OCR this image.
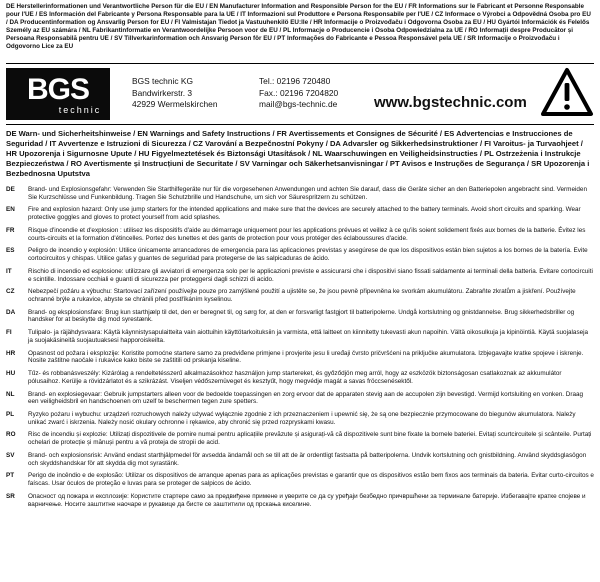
DE Herstellerinformationen und Verantwortliche Person für die EU / EN Manufacturer Information and Responsible Person for the EU / FR Informations sur le Fabricant et Personne Responsable pour l'UE / ES Información del Fabricante y Persona Responsable para la UE / IT Informazioni sul Produttore e Persona Responsabile per l'UE / CZ Informace o Výrobci a Odpovědná Osoba pro EU / DA Producentinformation og Ansvarlig Person for EU / FI Valmistajan Tiedot ja Vastuuhenkilö EU:lle / HR Informacije o Proizvođaču i Odgovorna Osoba za EU / HU Gyártói Információk és Felelős Személy az EU számára / NL Fabrikantinformatie en Verantwoordelijke Persoon voor de EU / PL Informacje o Producencie i Osoba Odpowiedzialna za UE / RO Informații despre Producător și Persoana Responsabilă pentru UE / SV Tillverkarinformation och Ansvarig Person för EU / PT Informações do Fabricante e Pessoa Responsável pela UE / SR Informacije o Proizvođaču i Odgovorno Lice za EU

BGS
technic
BGS technic KG
Bandwirkerstr. 3
42929 Wermelskirchen
Tel.: 02196 720480
Fax.: 02196 7204820
mail@bgs-technic.de www.bgstechnic.com

DE Warn- und Sicherheitshinweise / EN Warnings and Safety Instructions / FR Avertissements et Consignes de Sécurité / ES Advertencias e Instrucciones de Seguridad / IT Avvertenze e Istruzioni di Sicurezza / CZ Varování a Bezpečnostní Pokyny / DA Advarsler og Sikkerhedsinstruktioner / FI Varoitus- ja Turvaohjeet / HR Upozorenja i Sigurnosne Upute / HU Figyelmeztetések és Biztonsági Utasítások / NL Waarschuwingen en Veiligheidsinstructies / PL Ostrzeżenia i Instrukcje Bezpieczeństwa / RO Avertismente și Instrucțiuni de Securitate / SV Varningar och Säkerhetsanvisningar / PT Avisos e Instruções de Segurança / SR Upozorenja i Bezbednosna Uputstva

DE	Brand- und Explosionsgefahr: Verwenden Sie Starthilfegeräte nur für die vorgesehenen Anwendungen und achten Sie darauf, dass die Geräte sicher an den Batteriepolen angebracht sind. Vermeiden Sie Kurzschlüsse und Funkenbildung. Tragen Sie Schutzbrille und Handschuhe, um sich vor Säurespritzern zu schützen.
EN	Fire and explosion hazard: Only use jump starters for the intended applications and make sure that the devices are securely attached to the battery terminals. Avoid short circuits and sparking. Wear protective goggles and gloves to protect yourself from acid splashes.
FR	Risque d'incendie et d'explosion : utilisez les dispositifs d'aide au démarrage uniquement pour les applications prévues et veillez à ce qu'ils soient solidement fixés aux bornes de la batterie. Évitez les courts-circuits et la formation d'étincelles. Portez des lunettes et des gants de protection pour vous protéger des éclaboussures d'acide.
ES	Peligro de incendio y explosión: Utilice únicamente arrancadores de emergencia para las aplicaciones previstas y asegúrese de que los dispositivos están bien sujetos a los bornes de la batería. Evite cortocircuitos y chispas. Utilice gafas y guantes de seguridad para protegerse de las salpicaduras de ácido.
IT	Rischio di incendio ed esplosione: utilizzare gli avviatori di emergenza solo per le applicazioni previste e assicurarsi che i dispositivi siano fissati saldamente ai terminali della batteria. Evitare cortocircuiti e scintille. Indossare occhiali e guanti di sicurezza per proteggersi dagli schizzi di acido.
CZ	Nebezpečí požáru a výbuchu: Startovací zařízení používejte pouze pro zamýšlené použití a ujistěte se, že jsou pevně připevněna ke svorkám akumulátoru. Zabraňte zkratům a jiskření. Používejte ochranné brýle a rukavice, abyste se chránili před postříkáním kyselinou.
DA	Brand- og eksplosionsfare: Brug kun starthjælp til det, den er beregnet til, og sørg for, at den er forsvarligt fastgjort til batteripolerne. Undgå kortslutning og gnistdannelse. Brug sikkerhedsbriller og handsker for at beskytte dig mod syrestænk.
FI	Tulipalo- ja räjähdysvaara: Käytä käynnistysapulaitteita vain aiottuihin käyttötarkoituksiin ja varmista, että laitteet on kiinnitetty tukevasti akun napoihin. Vältä oikosulkuja ja kipinöintiä. Käytä suojalaseja ja suojakäsineitä suojautuaksesi happoroiskeilta.
HR	Opasnost od požara i eksplozije: Koristite pomoćne startere samo za predviđene primjene i provjerite jesu li uređaji čvrsto pričvršćeni na priključke akumulatora. Izbjegavajte kratke spojeve i iskrenje. Nosite zaštitne naočale i rukavice kako biste se zaštitili od prskanja kiseline.
HU	Tűz- és robbanásveszély: Kizárólag a rendeltetésszerű alkalmazásokhoz használjon jump startereket, és győződjön meg arról, hogy az eszközök biztonságosan csatlakoznak az akkumulátor pólusaihoz. Kerülje a rövidzárlatot és a szikrázást. Viseljen védőszemüveget és kesztyűt, hogy megvédje magát a savas fröccsenésektől.
NL	Brand- en explosiegevaar: Gebruik jumpstarters alleen voor de bedoelde toepassingen en zorg ervoor dat de apparaten stevig aan de accupolen zijn bevestigd. Vermijd kortsluiting en vonken. Draag een veiligheidsbril en handschoenen om uzelf te beschermen tegen zure spetters.
PL	Ryzyko pożaru i wybuchu: urządzeń rozruchowych należy używać wyłącznie zgodnie z ich przeznaczeniem i upewnić się, że są one bezpiecznie przymocowane do biegunów akumulatora. Należy unikać zwarć i iskrzenia. Należy nosić okulary ochronne i rękawice, aby chronić się przed rozpryskami kwasu.
RO	Risc de incendiu și explozie: Utilizați dispozitivele de pornire numai pentru aplicațiile prevăzute și asigurați-vă că dispozitivele sunt bine fixate la bornele bateriei. Evitați scurtcircuitele și scânteile. Purtați ochelari de protecție și mănuși pentru a vă proteja de stropii de acid.
SV	Brand- och explosionsrisk: Använd endast starthjälpmedel för avsedda ändamål och se till att de är ordentligt fastsatta på batteripolerna. Undvik kortslutning och gnistbildning. Använd skyddsglasögon och skyddshandskar för att skydda dig mot syrastänk.
PT	Perigo de incêndio e de explosão: Utilizar os dispositivos de arranque apenas para as aplicações previstas e garantir que os dispositivos estão bem fixos aos terminais da bateria. Evitar curto-circuitos e faíscas. Usar óculos de proteção e luvas para se proteger de salpicos de ácido.
SR	Опасност од пожара и експлозије: Користите стартере само за предвиђене примене и уверите се да су уређаји безбедно причвршћени за терминале батерије. Избегавајте кратке спојеве и варничење. Носите заштитне наочаре и рукавице да бисте се заштитили од прскања киселине.
